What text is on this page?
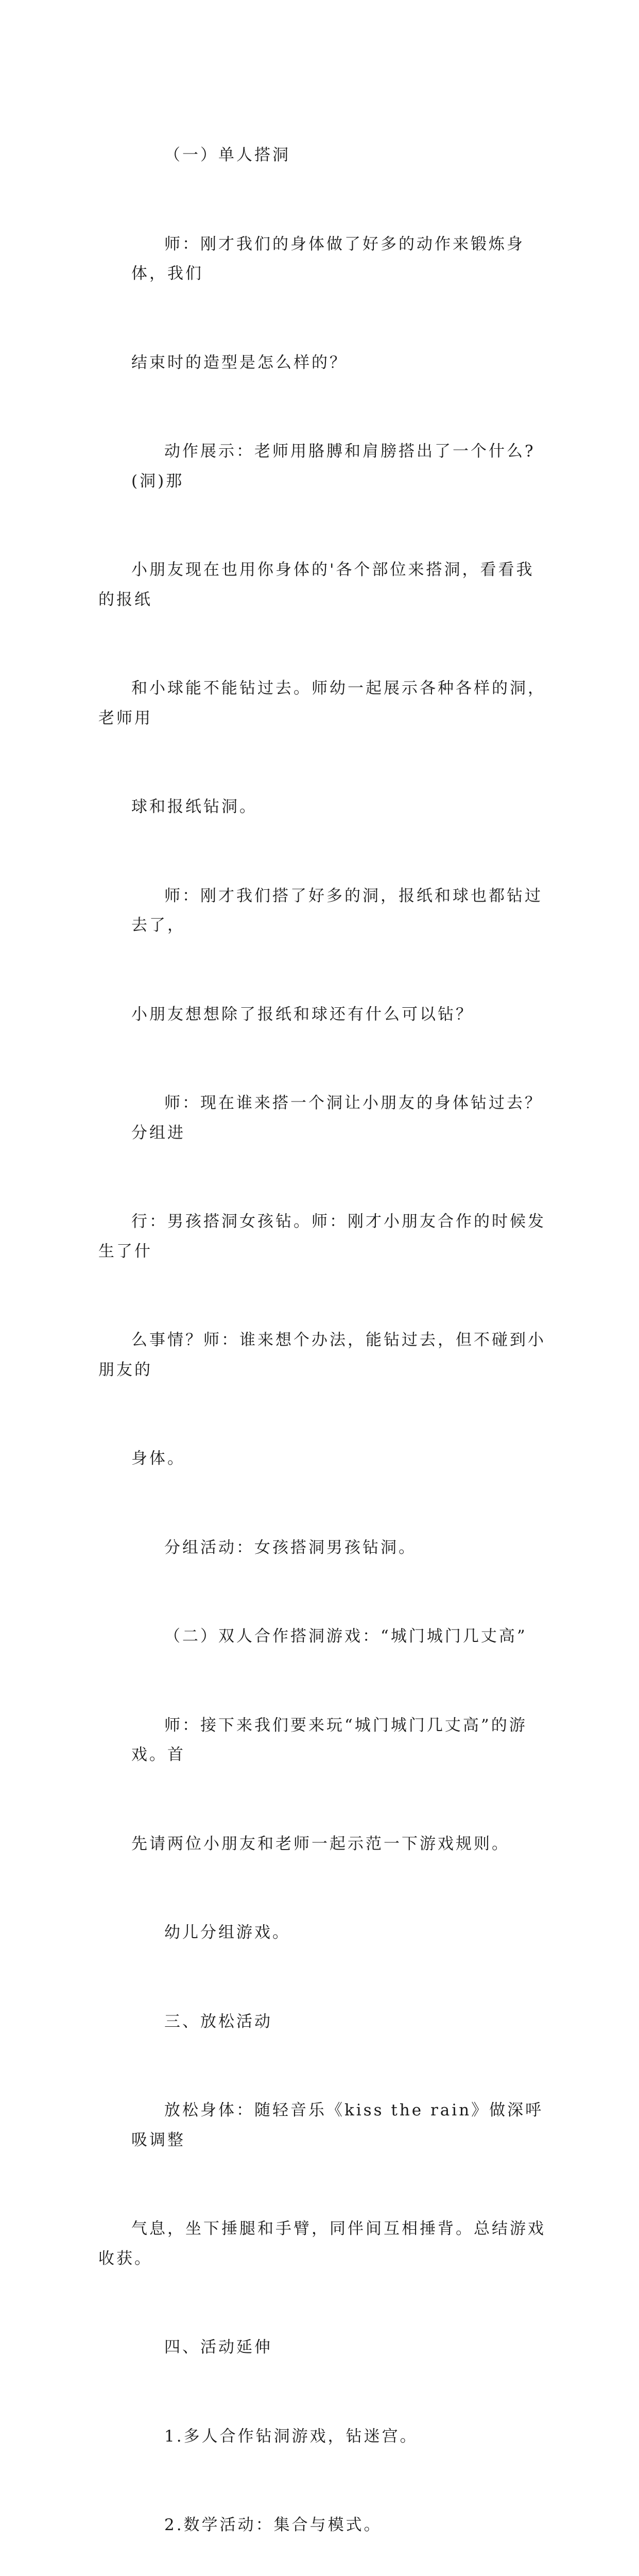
（一）单人搭洞

师：刚才我们的身体做了好多的动作来锻炼身体，我们

结束时的造型是怎么样的？

动作展示：老师用胳膊和肩膀搭出了一个什么?(洞)那

小朋友现在也用你身体的'各个部位来搭洞，看看我的报纸

和小球能不能钻过去。师幼一起展示各种各样的洞，老师用

球和报纸钻洞。

师：刚才我们搭了好多的洞，报纸和球也都钻过去了，

小朋友想想除了报纸和球还有什么可以钻？

师：现在谁来搭一个洞让小朋友的身体钻过去？分组进

行：男孩搭洞女孩钻。师：刚才小朋友合作的时候发生了什

么事情？师：谁来想个办法，能钻过去，但不碰到小朋友的

身体。

分组活动：女孩搭洞男孩钻洞。

（二）双人合作搭洞游戏：“城门城门几丈高”

师：接下来我们要来玩“城门城门几丈高”的游戏。首

先请两位小朋友和老师一起示范一下游戏规则。

幼儿分组游戏。

三、放松活动

放松身体：随轻音乐《kiss the rain》做深呼吸调整

气息，坐下捶腿和手臂，同伴间互相捶背。总结游戏收获。

四、活动延伸

1.多人合作钻洞游戏，钻迷宫。

2.数学活动：集合与模式。
